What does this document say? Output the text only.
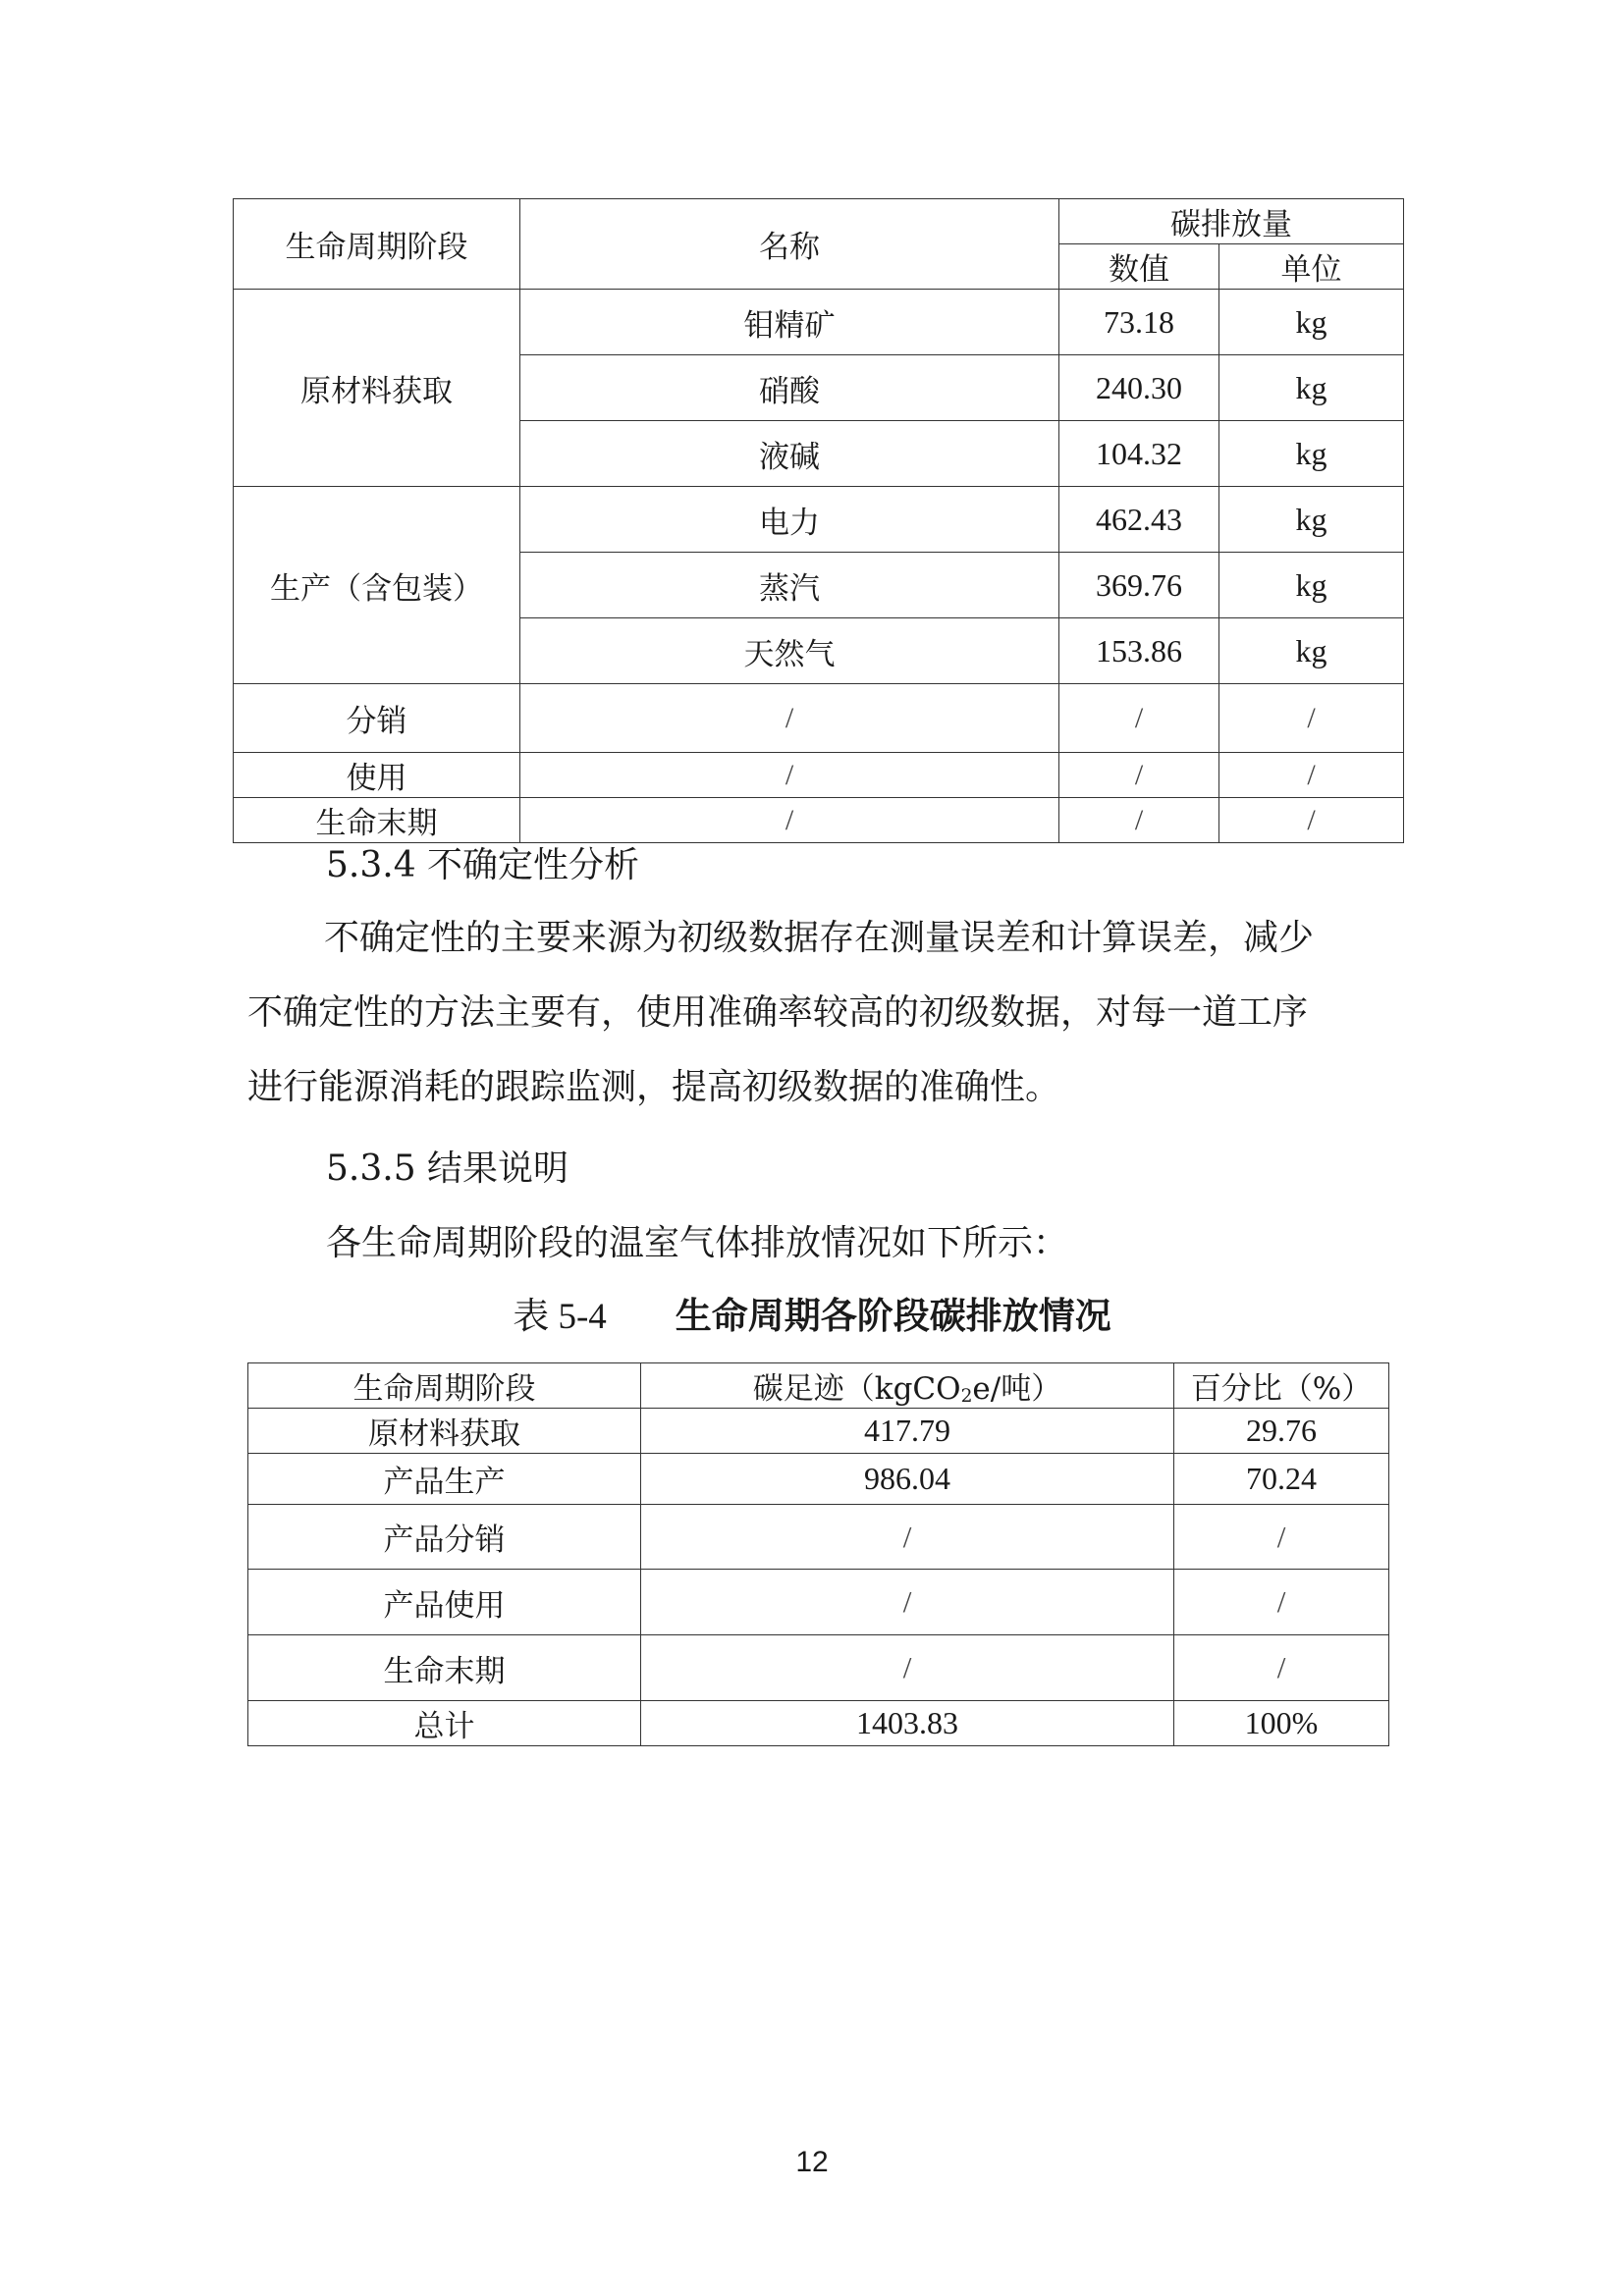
生命周期阶段	名称	碳排放量	
		数值	单位
原材料获取	钼精矿	73.18	kg
	硝酸	240.30	kg
	液碱	104.32	kg
生产（含包装）	电力	462.43	kg
	蒸汽	369.76	kg
	天然气	153.86	kg
分销	/	/	/
使用	/	/	/
生命末期	/	/	/

5.3.4 不确定性分析

不确定性的主要来源为初级数据存在测量误差和计算误差，减少

不确定性的方法主要有，使用准确率较高的初级数据，对每一道工序

进行能源消耗的跟踪监测，提高初级数据的准确性。

5.3.5 结果说明

各生命周期阶段的温室气体排放情况如下所示：

表 5-4 生命周期各阶段碳排放情况
生命周期阶段	碳足迹（kgCO$_2$e/吨）	百分比（%）
原材料获取	417.79	29.76
产品生产	986.04	70.24
产品分销	/	/
产品使用	/	/
生命末期	/	/
总计	1403.83	100%
12
